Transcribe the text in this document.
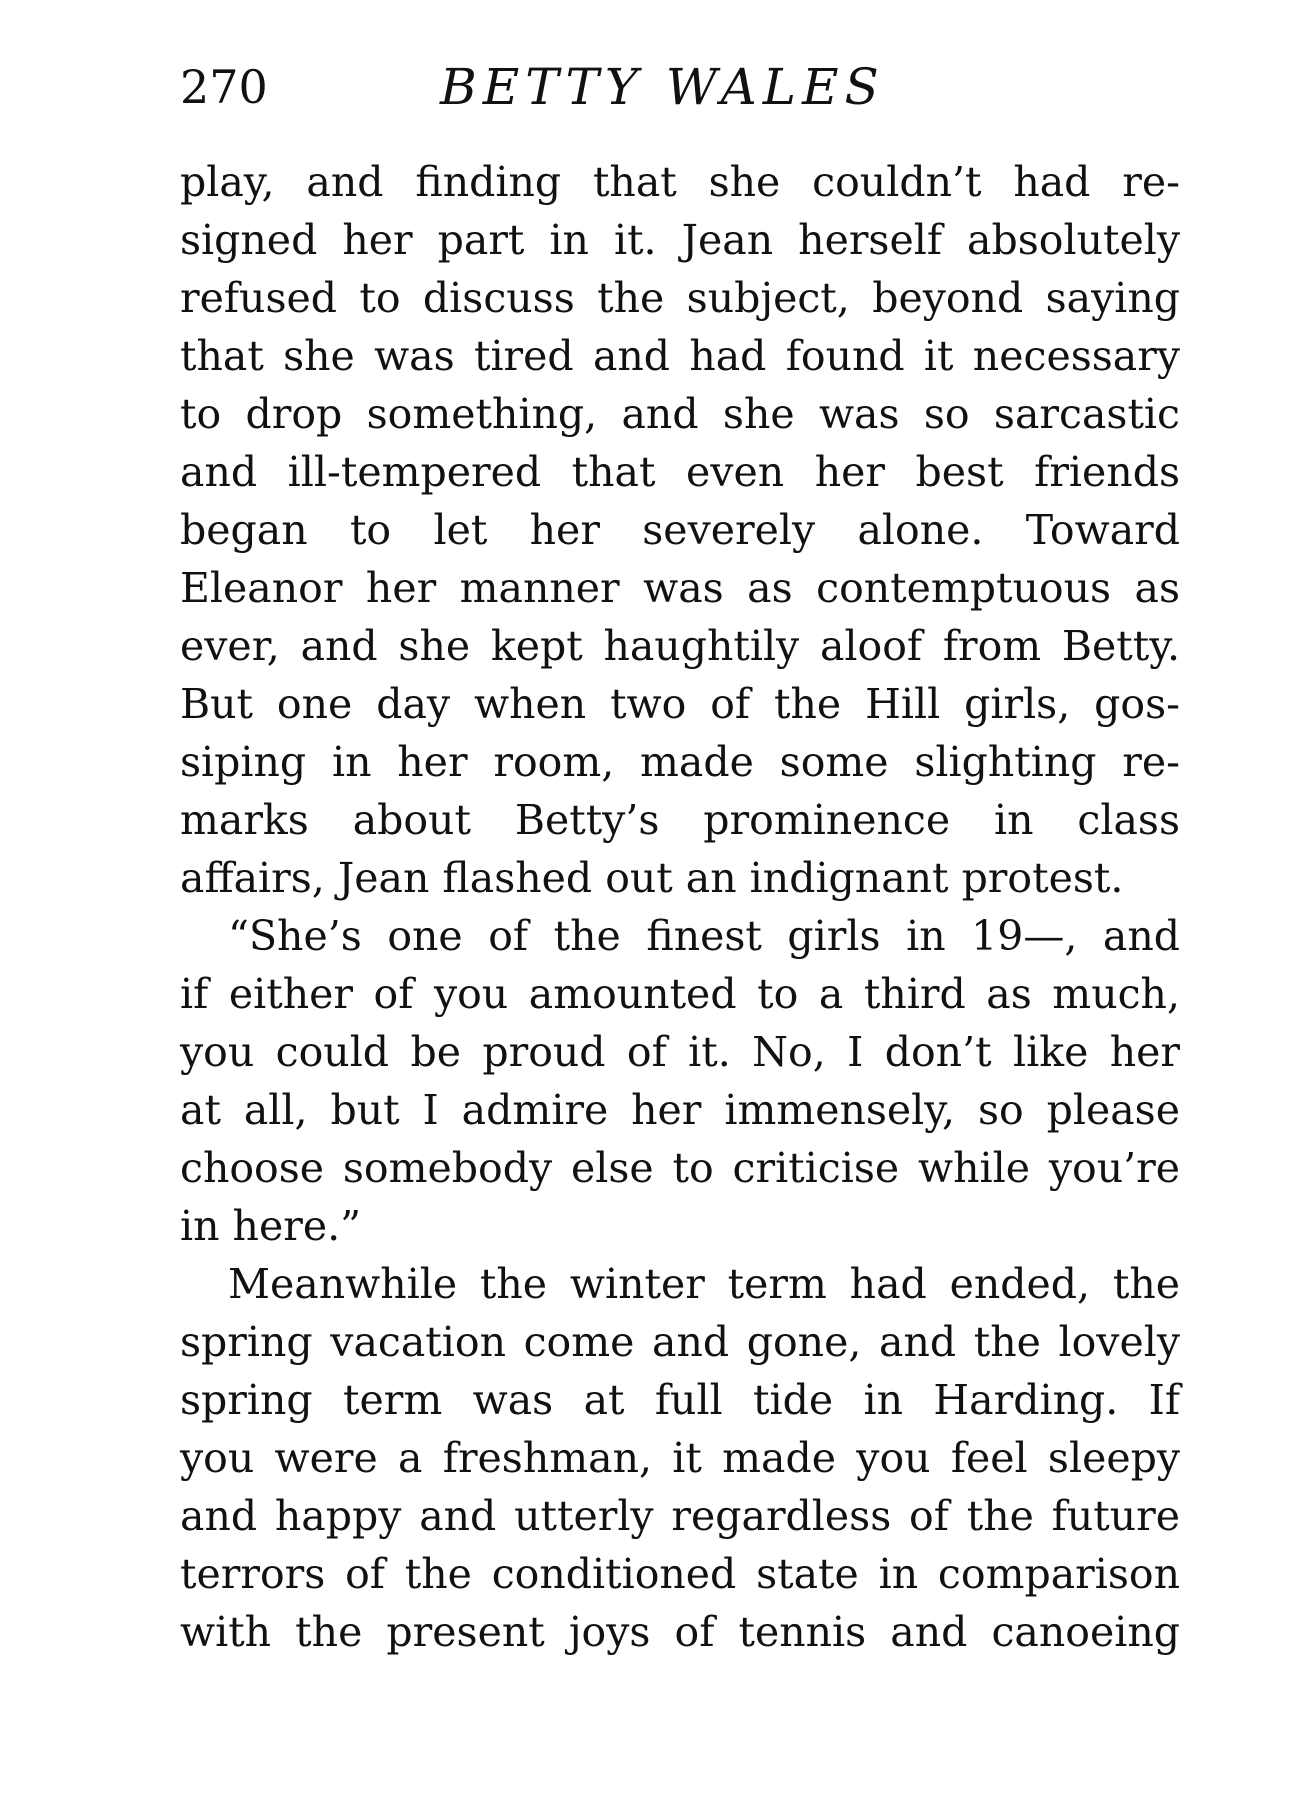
270	BETTY WALES
play, and finding that she couldn’t had re-
signed her part in it. Jean herself absolutely
refused to discuss the subject, beyond saying
that she was tired and had found it necessary
to drop something, and she was so sarcastic
and ill-tempered that even her best friends
began to let her severely alone. Toward
Eleanor her manner was as contemptuous as
ever, and she kept haughtily aloof from Betty.
But one day when two of the Hill girls, gos-
siping in her room, made some slighting re-
marks about Betty’s prominence in class
affairs, Jean flashed out an indignant protest.
“She’s one of the finest girls in 19—, and
if either of you amounted to a third as much,
you could be proud of it. No, I don’t like her
at all, but I admire her immensely, so please
choose somebody else to criticise while you’re
in here.”
Meanwhile the winter term had ended, the
spring vacation come and gone, and the lovely
spring term was at full tide in Harding. If
you were a freshman, it made you feel sleepy
and happy and utterly regardless of the future
terrors of the conditioned state in comparison
with the present joys of tennis and canoeing
